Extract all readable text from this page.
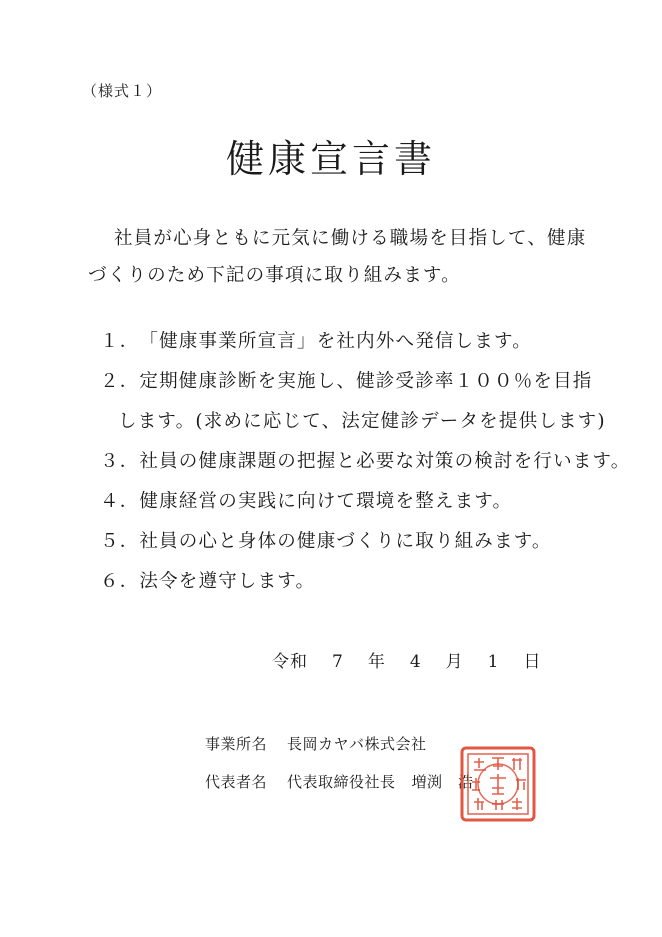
（様式１）
健康宣言書
社員が心身ともに元気に働ける職場を目指して、健康
づくりのため下記の事項に取り組みます。
１．「健康事業所宣言」を社内外へ発信します。
２．定期健康診断を実施し、健診受診率１００％を目指
します。(求めに応じて、法定健診データを提供します)
３．社員の健康課題の把握と必要な対策の検討を行います。
４．健康経営の実践に向けて環境を整えます。
５．社員の心と身体の健康づくりに取り組みます。
６．法令を遵守します。
令和 7 年 4 月 1 日
事業所名 長岡カヤバ株式会社
代表者名 代表取締役社長 増渕　浩
